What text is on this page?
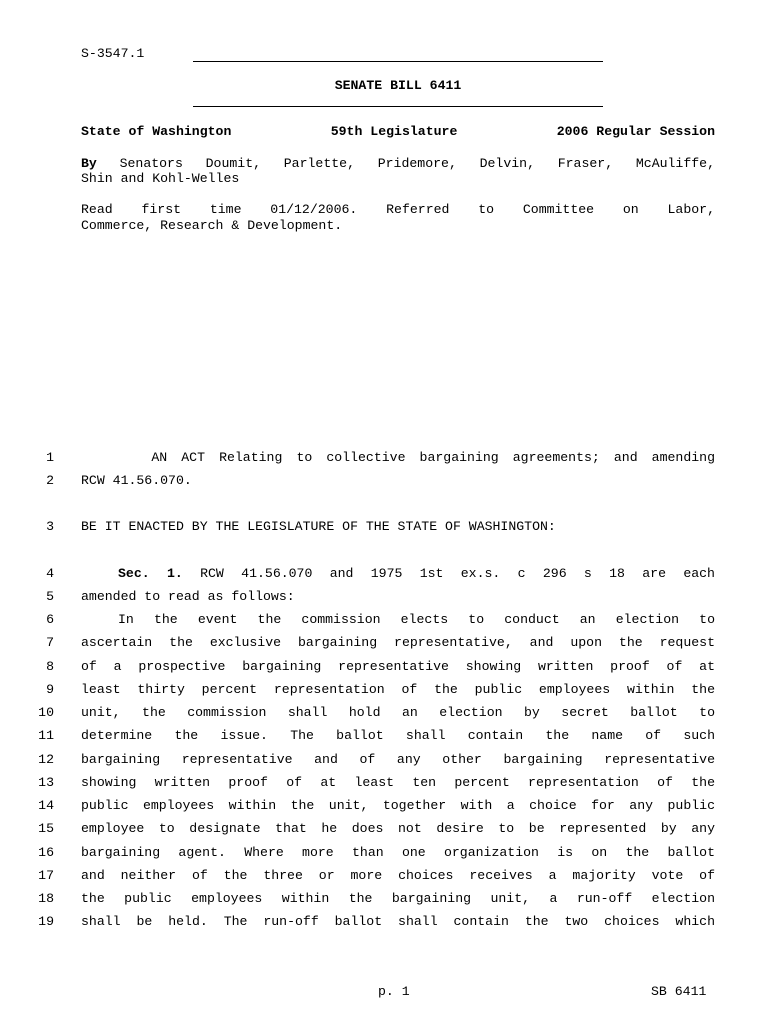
S-3547.1
SENATE BILL 6411
State of Washington	59th Legislature	2006 Regular Session
By Senators Doumit, Parlette, Pridemore, Delvin, Fraser, McAuliffe,
Shin and Kohl-Welles
Read first time 01/12/2006. Referred to Committee on Labor,
Commerce, Research & Development.
1
2
3
4
5
6
7
8
9
10
11
12
13
14
15
16
17
18
19
AN ACT Relating to collective bargaining agreements; and amending
RCW 41.56.070.
BE IT ENACTED BY THE LEGISLATURE OF THE STATE OF WASHINGTON:
Sec. 1. RCW 41.56.070 and 1975 1st ex.s. c 296 s 18 are each
amended to read as follows:
In the event the commission elects to conduct an election to
ascertain the exclusive bargaining representative, and upon the request
of a prospective bargaining representative showing written proof of at
least thirty percent representation of the public employees within the
unit, the commission shall hold an election by secret ballot to
determine the issue. The ballot shall contain the name of such
bargaining representative and of any other bargaining representative
showing written proof of at least ten percent representation of the
public employees within the unit, together with a choice for any public
employee to designate that he does not desire to be represented by any
bargaining agent. Where more than one organization is on the ballot
and neither of the three or more choices receives a majority vote of
the public employees within the bargaining unit, a run-off election
shall be held. The run-off ballot shall contain the two choices which
p. 1	SB 6411
